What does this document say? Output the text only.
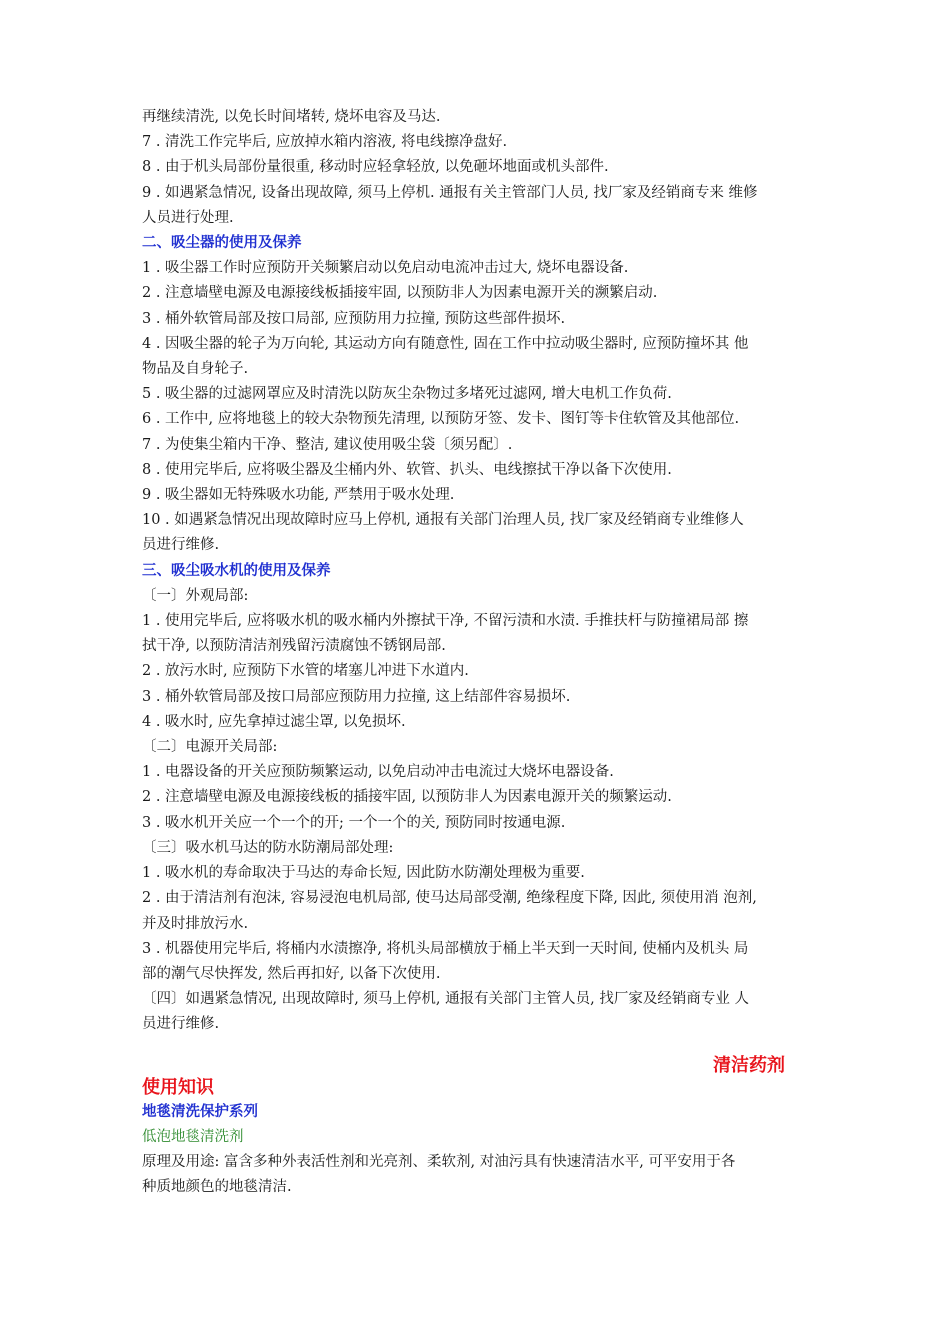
再继续清洗, 以免长时间堵转, 烧坏电容及马达.

7 . 清洗工作完毕后, 应放掉水箱内溶液, 将电线擦净盘好.

8 . 由于机头局部份量很重, 移动时应轻拿轻放, 以免砸坏地面或机头部件.

9 . 如遇紧急情况, 设备出现故障, 须马上停机. 通报有关主管部门人员, 找厂家及经销商专来 维修

人员进行处理.

二、吸尘器的使用及保养

1 . 吸尘器工作时应预防开关频繁启动以免启动电流冲击过大, 烧坏电器设备.

2 . 注意墙壁电源及电源接线板插接牢固, 以预防非人为因素电源开关的濒繁启动.

3 . 桶外软管局部及按口局部, 应预防用力拉撞, 预防这些部件损坏.

4 . 因吸尘器的轮子为万向轮, 其运动方向有随意性, 固在工作中拉动吸尘器时, 应预防撞坏其 他

物品及自身轮子.

5 . 吸尘器的过滤网罩应及时清洗以防灰尘杂物过多堵死过滤网, 增大电机工作负荷.

6 . 工作中, 应将地毯上的较大杂物预先清理, 以预防牙签、发卡、图钉等卡住软管及其他部位.

7 . 为使集尘箱内干净、整洁, 建议使用吸尘袋〔须另配〕.

8 . 使用完毕后, 应将吸尘器及尘桶内外、软管、扒头、电线擦拭干净以备下次使用.

9 . 吸尘器如无特殊吸水功能, 严禁用于吸水处理.

10 . 如遇紧急情况出现故障时应马上停机, 通报有关部门治理人员, 找厂家及经销商专业维修人

员进行维修.

三、吸尘吸水机的使用及保养

〔一〕外观局部:

1 . 使用完毕后, 应将吸水机的吸水桶内外擦拭干净, 不留污渍和水渍. 手推扶杆与防撞裙局部 擦

拭干净, 以预防清洁剂残留污渍腐蚀不锈钢局部.

2 . 放污水时, 应预防下水管的堵塞儿冲进下水道内.

3 . 桶外软管局部及按口局部应预防用力拉撞, 这上结部件容易损坏.

4 . 吸水时, 应先拿掉过滤尘罩, 以免损坏.

〔二〕电源开关局部:

1 . 电器设备的开关应预防频繁运动, 以免启动冲击电流过大烧坏电器设备.

2 . 注意墙壁电源及电源接线板的插接牢固, 以预防非人为因素电源开关的频繁运动.

3 . 吸水机开关应一个一个的开; 一个一个的关, 预防同时按通电源.

〔三〕吸水机马达的防水防潮局部处理:

1 . 吸水机的寿命取决于马达的寿命长短, 因此防水防潮处理极为重要.

2 . 由于清洁剂有泡沫, 容易浸泡电机局部, 使马达局部受潮, 绝缘程度下降, 因此, 须使用消 泡剂,

并及时排放污水.

3 . 机器使用完毕后, 将桶内水渍擦净, 将机头局部横放于桶上半天到一天时间, 使桶内及机头 局

部的潮气尽快挥发, 然后再扣好, 以备下次使用.

〔四〕如遇紧急情况, 出现故障时, 须马上停机, 通报有关部门主管人员, 找厂家及经销商专业 人

员进行维修.

清洁药剂
使用知识

地毯清洗保护系列

低泡地毯清洗剂

原理及用途: 富含多种外表活性剂和光亮剂、柔软剂, 对油污具有快速清洁水平, 可平安用于各

种质地颜色的地毯清洁.
